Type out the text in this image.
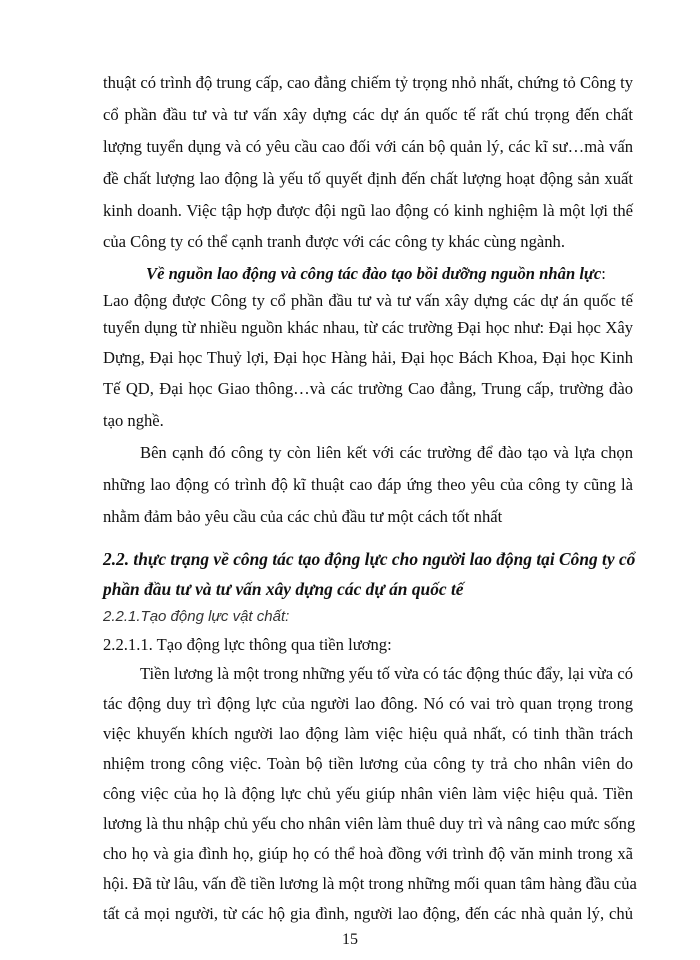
thuật có trình độ trung cấp, cao đẳng chiếm tỷ trọng nhỏ nhất, chứng tỏ Công ty
cổ phần đầu tư và tư vấn xây dựng các dự án quốc tế rất chú trọng đến chất
lượng tuyển dụng và có yêu cầu cao đối với cán bộ quản lý, các kĩ sư…mà vấn
đề chất lượng lao động là yếu tố quyết định đến chất lượng hoạt động sản xuất
kinh doanh. Việc tập hợp được đội ngũ lao động có kinh nghiệm là một lợi thế
của Công ty có thể cạnh tranh được với các công ty khác cùng ngành.
Về nguồn lao động và công tác đào tạo bồi dưỡng nguồn nhân lực:
Lao động được Công ty cổ phần đầu tư và tư vấn xây dựng các dự án quốc tế
tuyển dụng từ nhiều nguồn khác nhau, từ các trường Đại học như: Đại học Xây
Dựng, Đại học Thuỷ lợi, Đại học Hàng hải, Đại học Bách Khoa, Đại học Kinh
Tế QD, Đại học Giao thông…và các trường Cao đẳng, Trung cấp, trường đào
tạo nghề.
Bên cạnh đó công ty còn liên kết với các trường để đào tạo và lựa chọn
những lao động có trình độ kĩ thuật cao đáp ứng theo yêu của công ty cũng là
nhằm đảm bảo yêu cầu của các chủ đầu tư một cách tốt nhất
2.2. thực trạng về công tác tạo động lực cho người lao động tại Công ty cổ
phần đầu tư và tư vấn xây dựng các dự án quốc tế
2.2.1.Tạo động lực vật chất:
2.2.1.1. Tạo động lực thông qua tiền lương:
Tiền lương là một trong những yếu tố vừa có tác động thúc đẩy, lại vừa có
tác động duy trì động lực của người lao đông. Nó có vai trò quan trọng trong
việc khuyến khích người lao động làm việc hiệu quả nhất, có tinh thần trách
nhiệm trong công việc. Toàn bộ tiền lương của công ty trả cho nhân viên do
công việc của họ là động lực chủ yếu giúp nhân viên làm việc hiệu quả. Tiền
lương là thu nhập chủ yếu cho nhân viên làm thuê duy trì và nâng cao mức sống
cho họ và gia đình họ, giúp họ có thể hoà đồng với trình độ văn minh trong xã
hội. Đã từ lâu, vấn đề tiền lương là một trong những mối quan tâm hàng đầu của
tất cả mọi người, từ các hộ gia đình, người lao động, đến các nhà quản lý, chủ
15
